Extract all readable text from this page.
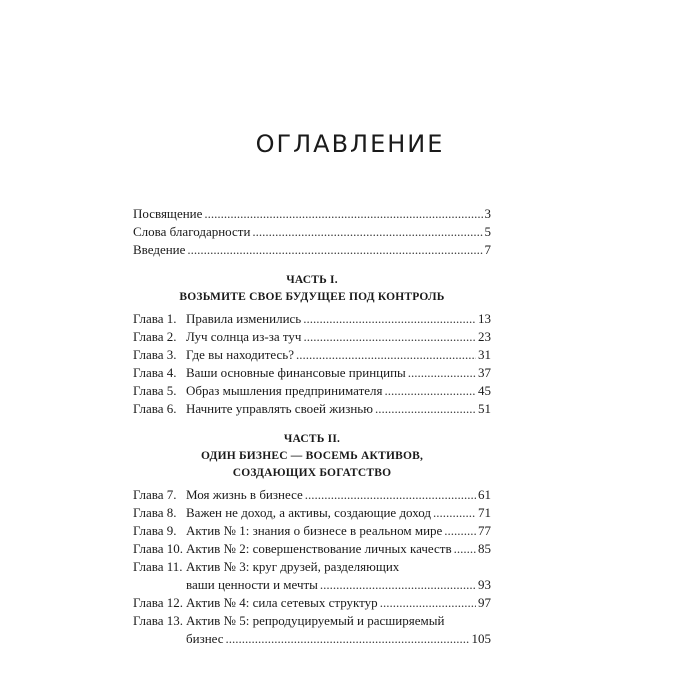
ОГЛАВЛЕНИЕ
Посвящение .....	3
Слова благодарности .....	5
Введение .....	7
ЧАСТЬ I.
ВОЗЬМИТЕ СВОЕ БУДУЩЕЕ ПОД КОНТРОЛЬ
Глава 1. Правила изменились .....	13
Глава 2. Луч солнца из-за туч .....	23
Глава 3. Где вы находитесь? .....	31
Глава 4. Ваши основные финансовые принципы .....	37
Глава 5. Образ мышления предпринимателя .....	45
Глава 6. Начните управлять своей жизнью .....	51
ЧАСТЬ II.
ОДИН БИЗНЕС — ВОСЕМЬ АКТИВОВ,
СОЗДАЮЩИХ БОГАТСТВО
Глава 7. Моя жизнь в бизнесе .....	61
Глава 8. Важен не доход, а активы, создающие доход .....	71
Глава 9. Актив № 1: знания о бизнесе в реальном мире .....	77
Глава 10. Актив № 2: совершенствование личных качеств ..... 85
Глава 11. Актив № 3: круг друзей, разделяющих
ваши ценности и мечты .....	93
Глава 12. Актив № 4: сила сетевых структур .....	97
Глава 13. Актив № 5: репродуцируемый и расширяемый
бизнес .....	105
